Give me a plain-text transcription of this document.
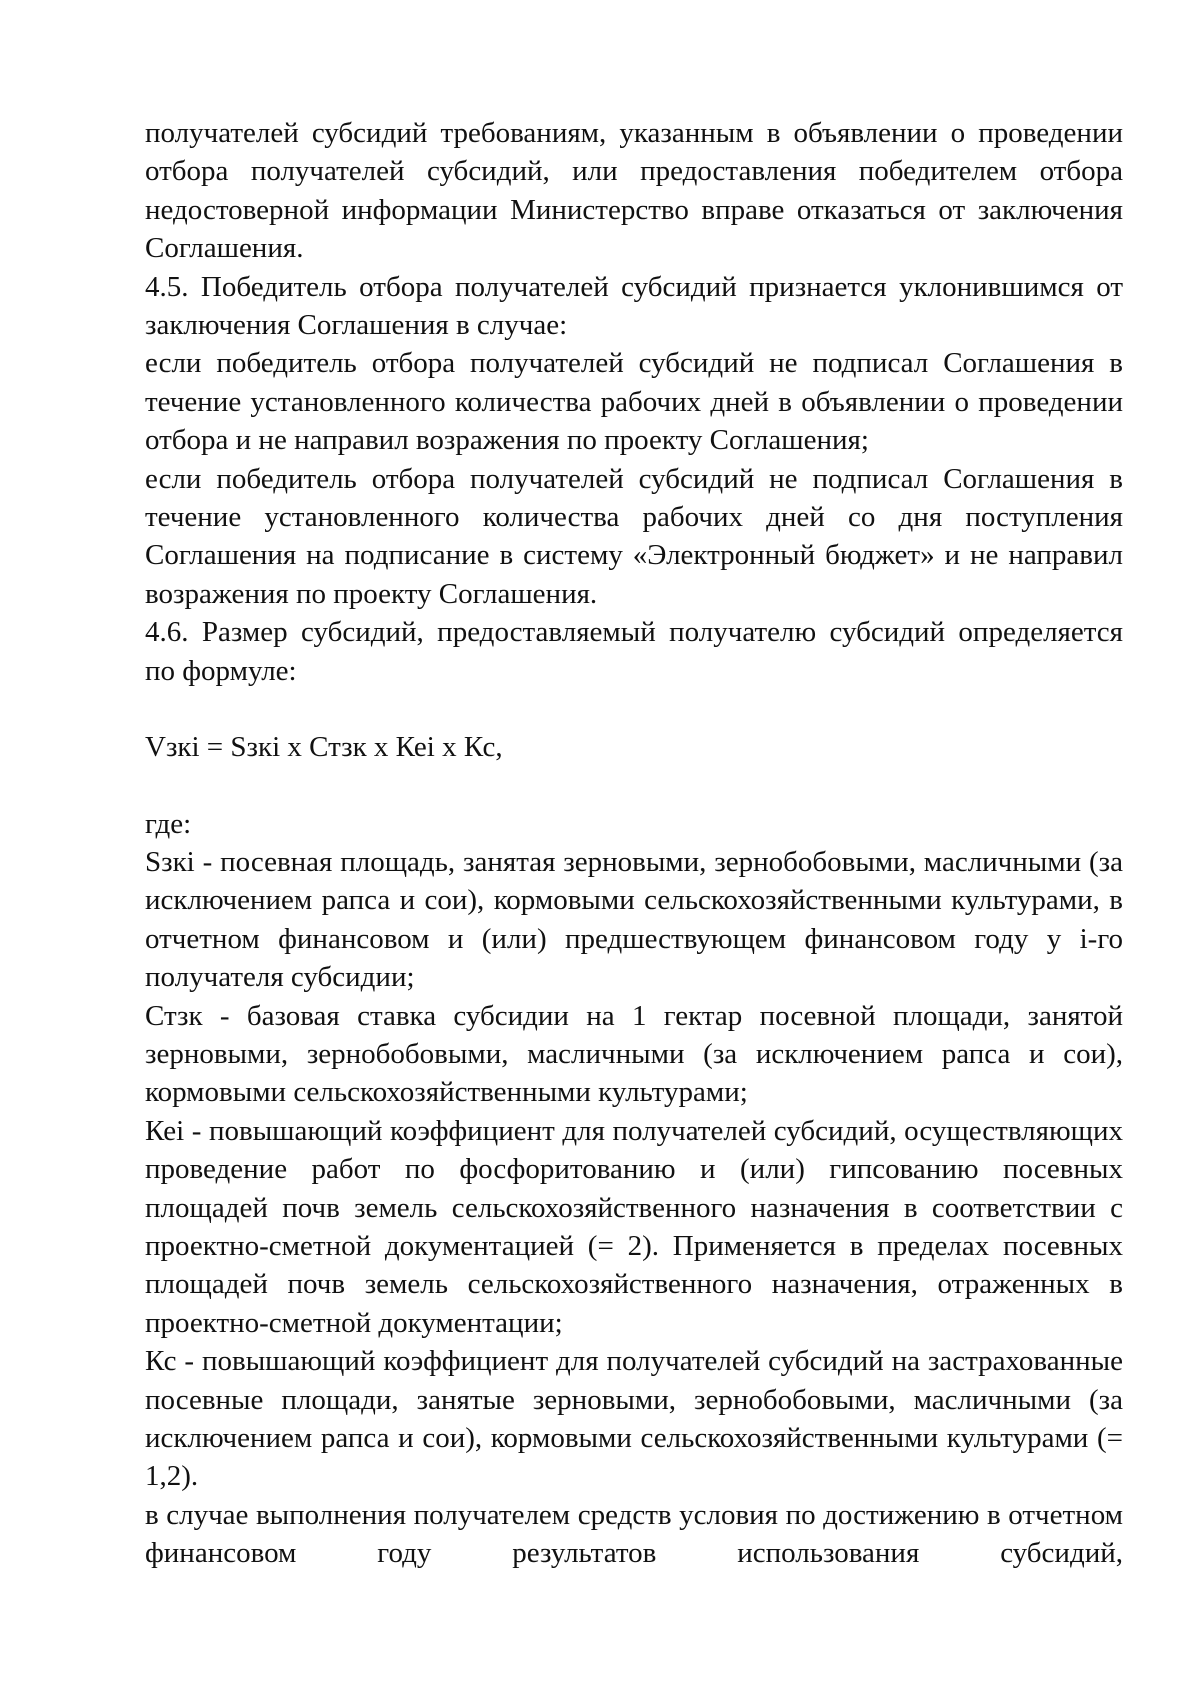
получателей субсидий требованиям, указанным в объявлении о проведении отбора получателей субсидий, или предоставления победителем отбора недостоверной информации Министерство вправе отказаться от заключения Соглашения.

4.5. Победитель отбора получателей субсидий признается уклонившимся от заключения Соглашения в случае:

если победитель отбора получателей субсидий не подписал Соглашения в течение установленного количества рабочих дней в объявлении о проведении отбора и не направил возражения по проекту Соглашения;

если победитель отбора получателей субсидий не подписал Соглашения в течение установленного количества рабочих дней со дня поступления Соглашения на подписание в систему «Электронный бюджет» и не направил возражения по проекту Соглашения.

4.6. Размер субсидий, предоставляемый получателю субсидий определяется по формуле:

Vзкi = Sзкi х Стзк х Кеi х Кс,

где:

Sзкi - посевная площадь, занятая зерновыми, зернобобовыми, масличными (за исключением рапса и сои), кормовыми сельскохозяйственными культурами, в отчетном финансовом и (или) предшествующем финансовом году у i-го получателя субсидии;

Стзк - базовая ставка субсидии на 1 гектар посевной площади, занятой зерновыми, зернобобовыми, масличными (за исключением рапса и сои), кормовыми сельскохозяйственными культурами;

Кеi - повышающий коэффициент для получателей субсидий, осуществляющих проведение работ по фосфоритованию и (или) гипсованию посевных площадей почв земель сельскохозяйственного назначения в соответствии с проектно-сметной документацией (= 2). Применяется в пределах посевных площадей почв земель сельскохозяйственного назначения, отраженных в проектно-сметной документации;

Кс - повышающий коэффициент для получателей субсидий на застрахованные посевные площади, занятые зерновыми, зернобобовыми, масличными (за исключением рапса и сои), кормовыми сельскохозяйственными культурами (= 1,2).

в случае выполнения получателем средств условия по достижению в отчетном финансовом году результатов использования субсидий,
